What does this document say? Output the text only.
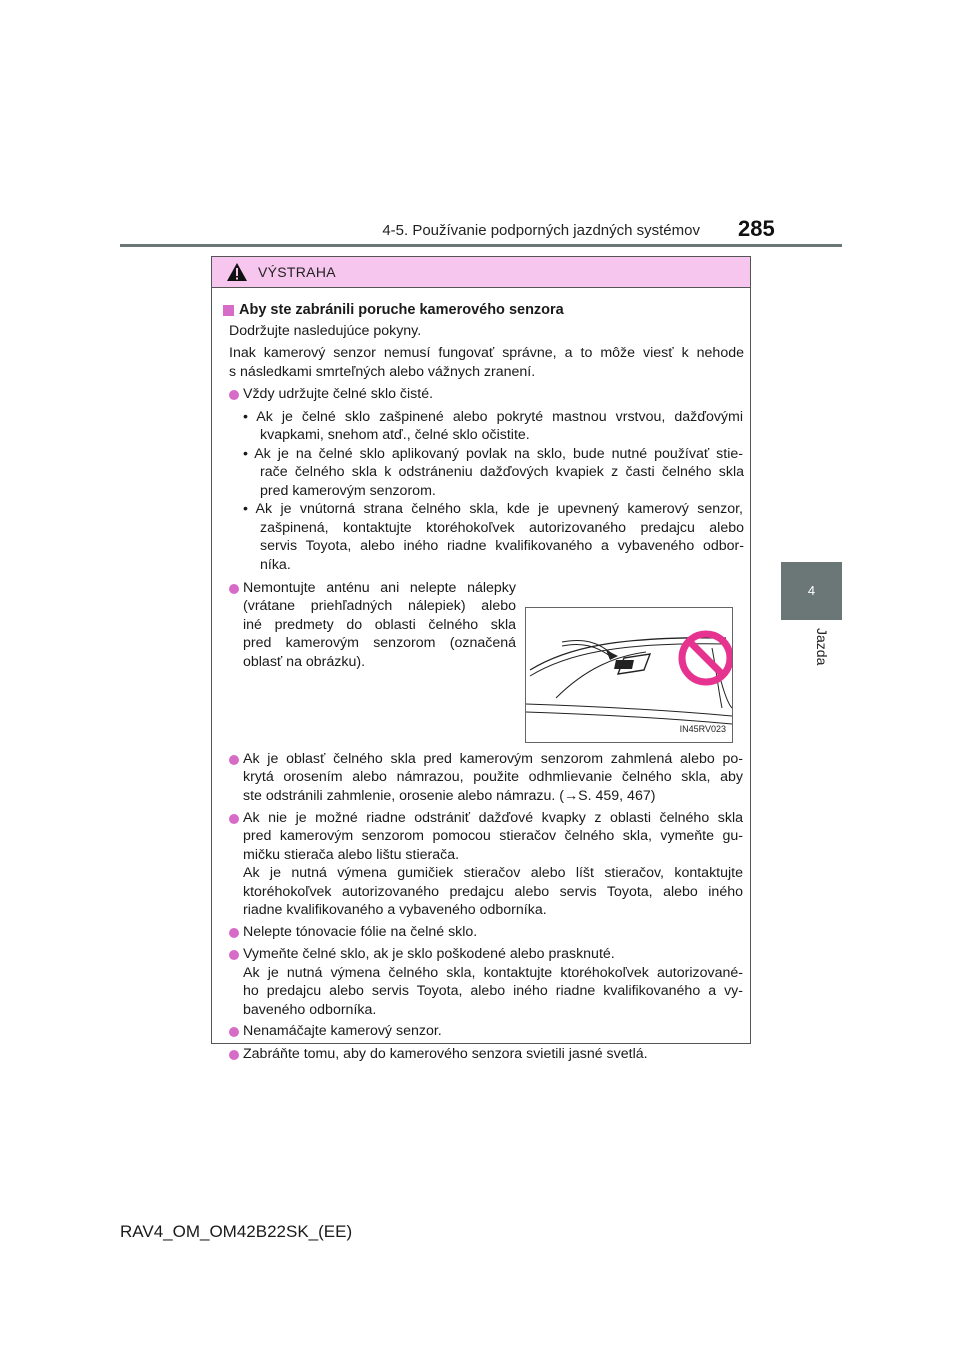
4-5. Používanie podporných jazdných systémov 285
4
Jazda
VÝSTRAHA
Aby ste zabránili poruche kamerového senzora

Dodržujte nasledujúce pokyny.

Inak kamerový senzor nemusí fungovať správne, a to môže viesť k nehode

s následkami smrteľných alebo vážnych zranení.

Vždy udržujte čelné sklo čisté.

• Ak je čelné sklo zašpinené alebo pokryté mastnou vrstvou, dažďovými

kvapkami, snehom atď., čelné sklo očistite.

• Ak je na čelné sklo aplikovaný povlak na sklo, bude nutné používať stie-

rače čelného skla k odstráneniu dažďových kvapiek z časti čelného skla

pred kamerovým senzorom.

• Ak je vnútorná strana čelného skla, kde je upevnený kamerový senzor,

zašpinená, kontaktujte ktoréhokoľvek autorizovaného predajcu alebo

servis Toyota, alebo iného riadne kvalifikovaného a vybaveného odbor-

níka.

Nemontujte anténu ani nelepte nálepky

(vrátane priehľadných nálepiek) alebo

iné predmety do oblasti čelného skla

pred kamerovým senzorom (označená

oblasť na obrázku).

IN45RV023

Ak je oblasť čelného skla pred kamerovým senzorom zahmlená alebo po-

krytá orosením alebo námrazou, použite odhmlievanie čelného skla, aby

ste odstránili zahmlenie, orosenie alebo námrazu. (→S. 459, 467)

Ak nie je možné riadne odstrániť dažďové kvapky z oblasti čelného skla

pred kamerovým senzorom pomocou stieračov čelného skla, vymeňte gu-

mičku stierača alebo lištu stierača.

Ak je nutná výmena gumičiek stieračov alebo líšt stieračov, kontaktujte

ktoréhokoľvek autorizovaného predajcu alebo servis Toyota, alebo iného

riadne kvalifikovaného a vybaveného odborníka.

Nelepte tónovacie fólie na čelné sklo.

Vymeňte čelné sklo, ak je sklo poškodené alebo prasknuté.

Ak je nutná výmena čelného skla, kontaktujte ktoréhokoľvek autorizované-

ho predajcu alebo servis Toyota, alebo iného riadne kvalifikovaného a vy-

baveného odborníka.

Nenamáčajte kamerový senzor.

Zabráňte tomu, aby do kamerového senzora svietili jasné svetlá.

RAV4_OM_OM42B22SK_(EE)
